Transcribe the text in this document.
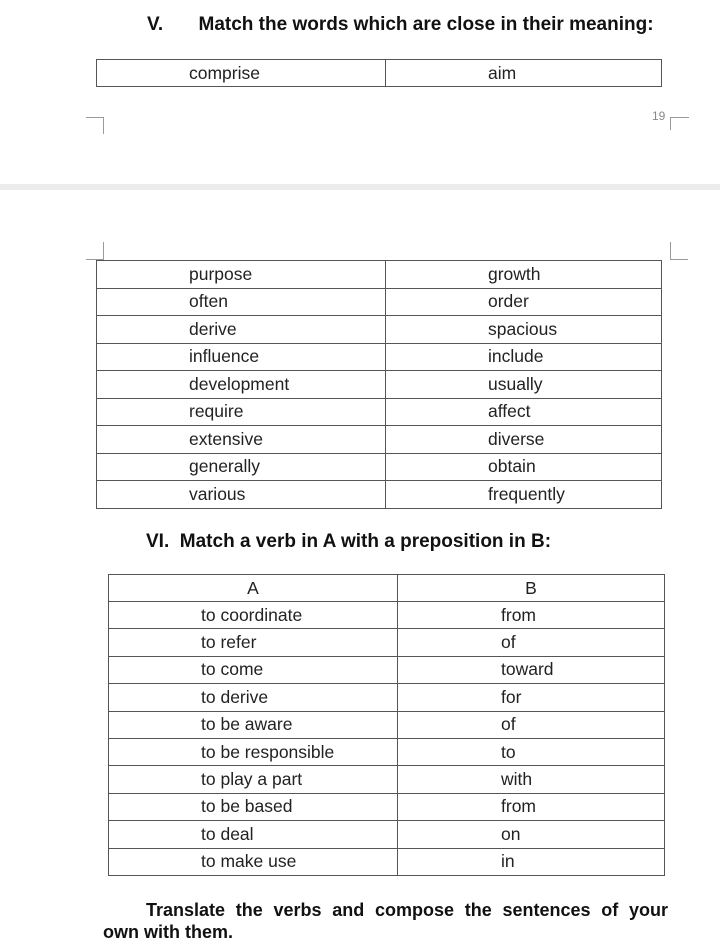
V. Match the words which are close in their meaning:
comprise	aim
19
purpose	growth
often	order
derive	spacious
influence	include
development	usually
require	affect
extensive	diverse
generally	obtain
various	frequently
VI.  Match a verb in A with a preposition in B:
A	B
to coordinate	from
to refer	of
to come	toward
to derive	for
to be aware	of
to be responsible	to
to play a part	with
to be based	from
to deal	on
to make use	in
Translate the verbs and compose the sentences of your
own with them.
